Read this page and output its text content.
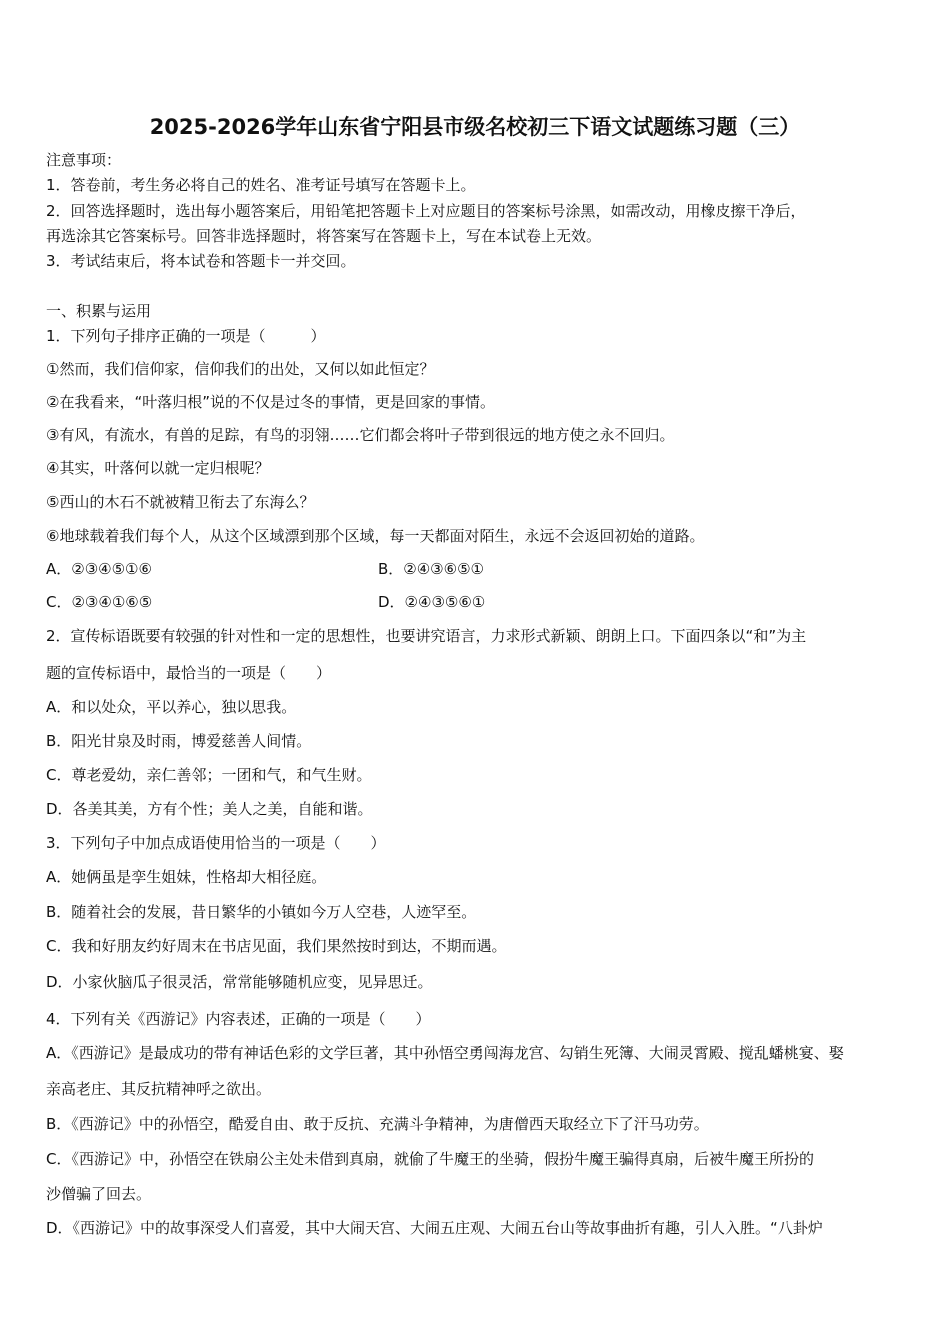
2025-2026学年山东省宁阳县市级名校初三下语文试题练习题（三）
注意事项：
1．答卷前，考生务必将自己的姓名、准考证号填写在答题卡上。
2．回答选择题时，选出每小题答案后，用铅笔把答题卡上对应题目的答案标号涂黑，如需改动，用橡皮擦干净后，
再选涂其它答案标号。回答非选择题时，将答案写在答题卡上，写在本试卷上无效。
3．考试结束后，将本试卷和答题卡一并交回。
一、积累与运用
1．下列句子排序正确的一项是（　　　）
①然而，我们信仰家，信仰我们的出处，又何以如此恒定？
②在我看来，“叶落归根”说的不仅是过冬的事情，更是回家的事情。
③有风，有流水，有兽的足踪，有鸟的羽翎……它们都会将叶子带到很远的地方使之永不回归。
④其实，叶落何以就一定归根呢？
⑤西山的木石不就被精卫衔去了东海么？
⑥地球载着我们每个人，从这个区域漂到那个区域，每一天都面对陌生，永远不会返回初始的道路。
A．②③④⑤①⑥	B．②④③⑥⑤①
C．②③④①⑥⑤	D．②④③⑤⑥①
2．宣传标语既要有较强的针对性和一定的思想性，也要讲究语言，力求形式新颖、朗朗上口。下面四条以“和”为主
题的宣传标语中，最恰当的一项是（　　）
A．和以处众，平以养心，独以思我。
B．阳光甘泉及时雨，博爱慈善人间情。
C．尊老爱幼，亲仁善邻；一团和气，和气生财。
D．各美其美，方有个性；美人之美，自能和谐。
3．下列句子中加点成语使用恰当的一项是（　　）
A．她俩虽是孪生姐妹，性格却大相径庭。
B．随着社会的发展，昔日繁华的小镇如今万人空巷，人迹罕至。
C．我和好朋友约好周末在书店见面，我们果然按时到达，不期而遇。
D．小家伙脑瓜子很灵活，常常能够随机应变，见异思迁。
4．下列有关《西游记》内容表述，正确的一项是（　　）
A．《西游记》是最成功的带有神话色彩的文学巨著，其中孙悟空勇闯海龙宫、勾销生死簿、大闹灵霄殿、搅乱蟠桃宴、娶
亲高老庄、其反抗精神呼之欲出。
B．《西游记》中的孙悟空，酷爱自由、敢于反抗、充满斗争精神，为唐僧西天取经立下了汗马功劳。
C．《西游记》中，孙悟空在铁扇公主处未借到真扇，就偷了牛魔王的坐骑，假扮牛魔王骗得真扇，后被牛魔王所扮的
沙僧骗了回去。
D．《西游记》中的故事深受人们喜爱，其中大闹天宫、大闹五庄观、大闹五台山等故事曲折有趣，引人入胜。“八卦炉
